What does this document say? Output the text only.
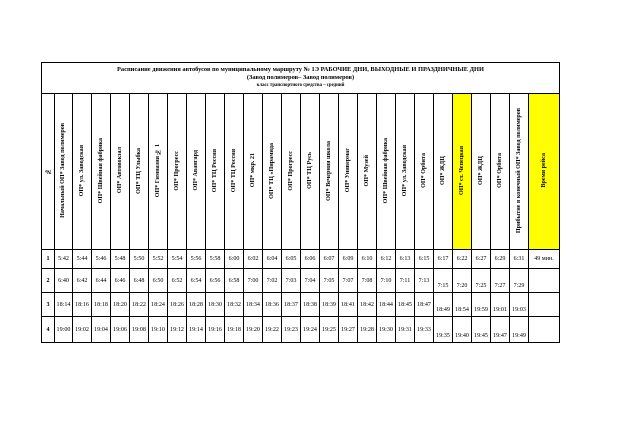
Расписание движения автобусов по муниципальному маршруту № 1Э РАБОЧИЕ ДНИ, ВЫХОДНЫЕ И ПРАЗДНИЧНЫЕ ДНИ
(Завод полимеров– Завод полимеров)
класс транспортного средства – средний																										

№	Начальный ОП* Завод полимеров	ОП* ул. Заводская	ОП* Швейная фабрика	ОП* Автовокзал	ОП* ТЦ Улыбка	ОП* Гимназия № 1	ОП* Прогресс	ОП* Авангард	ОП* ТЦ Россия	ОП* ТЦ Россия	ОП* мкр. 21	ОП* ТЦ «Пирамида	ОП* Прогресс	ОП* ТЦ Русь	ОП* Вечерняя школа	ОП* Универмаг	ОП* Музей	ОП* Швейная фабрика	ОП* ул. Заводская	ОП* Орбита	ОП* ЖДЦ	ОП* ст. Чепецкая	ОП* ЖДЦ	ОП* Орбита	Прибытие в конечный ОП* Завод полимеров	Время рейса
1	5:42	5:44	5:46	5:48	5:50	5:52	5:54	5:56	5:58	6:00	6:02	6:04	6:05	6:06	6:07	6:09	6:10	6:12	6:13	6:15	6:17	6:22	6:27	6:29	6:31	49 мин.
2	6:40	6:42	6:44	6:46	6:48	6:50	6:52	6:54	6:56	6:58	7:00	7:02	7:03	7:04	7:05	7:07	7:08	7:10	7:11	7:13	7:15	7:20	7:25	7:27	7:29	
3	18:14	18:16	18:18	18:20	18:22	18:24	18:26	18:28	18:30	18:32	18:34	18:36	18:37	18:38	18:39	18:41	18:42	18:44	18:45	18:47	18:49	18:54	19:59	19:01	19:03	
4	19:00	19:02	19:04	19:06	19:08	19:10	19:12	19:14	19:16	19:18	19:20	19:22	19:23	19:24	19:25	19:27	19:28	19:30	19:31	19:33	19:35	19:40	19:45	19:47	19:49	
